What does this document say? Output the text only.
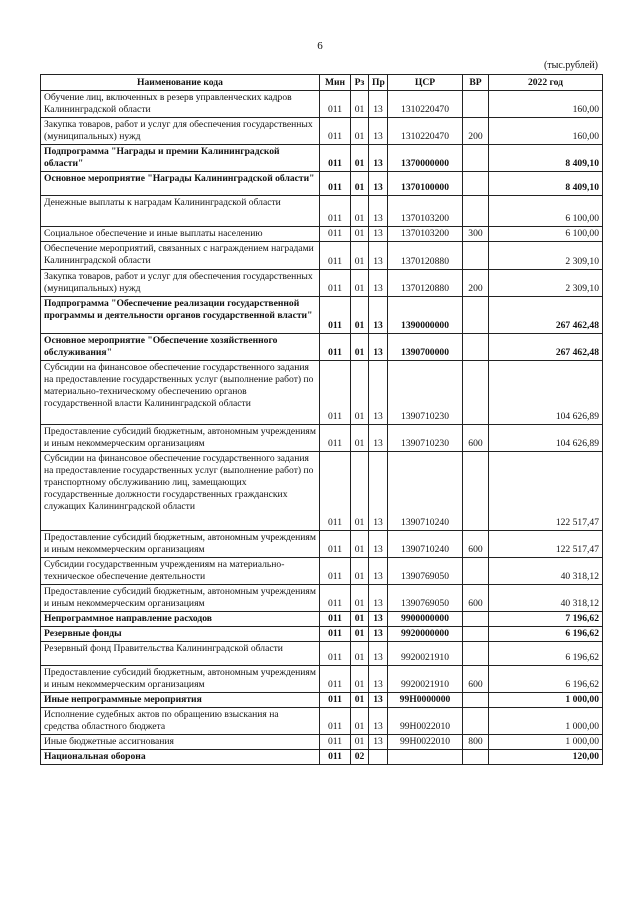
6
(тыс.рублей)
Наименование кода	Мин	Рз	Пр	ЦСР	ВР	2022 год
Обучение лиц, включенных в резерв управленческих кадров Калининградской области	011	01	13	1310220470		160,00
Закупка товаров, работ и услуг для обеспечения государственных (муниципальных) нужд	011	01	13	1310220470	200	160,00
Подпрограмма "Награды и премии Калининградской области"	011	01	13	1370000000		8 409,10
Основное мероприятие "Награды Калининградской области"	011	01	13	1370100000		8 409,10
Денежные выплаты к наградам Калининградской области	011	01	13	1370103200		6 100,00
Социальное обеспечение и иные выплаты населению	011	01	13	1370103200	300	6 100,00
Обеспечение мероприятий, связанных с награждением наградами Калининградской области	011	01	13	1370120880		2 309,10
Закупка товаров, работ и услуг для обеспечения государственных (муниципальных) нужд	011	01	13	1370120880	200	2 309,10
Подпрограмма "Обеспечение реализации государственной программы и деятельности органов государственной власти"	011	01	13	1390000000		267 462,48
Основное мероприятие "Обеспечение хозяйственного обслуживания"	011	01	13	1390700000		267 462,48
Субсидии на финансовое обеспечение государственного задания на предоставление государственных услуг (выполнение работ) по материально-техническому обеспечению органов государственной власти Калининградской области	011	01	13	1390710230		104 626,89
Предоставление субсидий бюджетным, автономным учреждениям и иным некоммерческим организациям	011	01	13	1390710230	600	104 626,89
Субсидии на финансовое обеспечение государственного задания на предоставление государственных услуг (выполнение работ) по транспортному обслуживанию лиц, замещающих государственные должности государственных гражданских служащих Калининградской области	011	01	13	1390710240		122 517,47
Предоставление субсидий бюджетным, автономным учреждениям и иным некоммерческим организациям	011	01	13	1390710240	600	122 517,47
Субсидии государственным учреждениям на материально-техническое обеспечение деятельности	011	01	13	1390769050		40 318,12
Предоставление субсидий бюджетным, автономным учреждениям и иным некоммерческим организациям	011	01	13	1390769050	600	40 318,12
Непрограммное направление расходов	011	01	13	9900000000		7 196,62
Резервные фонды	011	01	13	9920000000		6 196,62
Резервный фонд Правительства Калининградской области	011	01	13	9920021910		6 196,62
Предоставление субсидий бюджетным, автономным учреждениям и иным некоммерческим организациям	011	01	13	9920021910	600	6 196,62
Иные непрограммные мероприятия	011	01	13	99Н0000000		1 000,00
Исполнение судебных актов по обращению взыскания на средства областного бюджета	011	01	13	99Н0022010		1 000,00
Иные бюджетные ассигнования	011	01	13	99Н0022010	800	1 000,00
Национальная оборона	011	02				120,00
